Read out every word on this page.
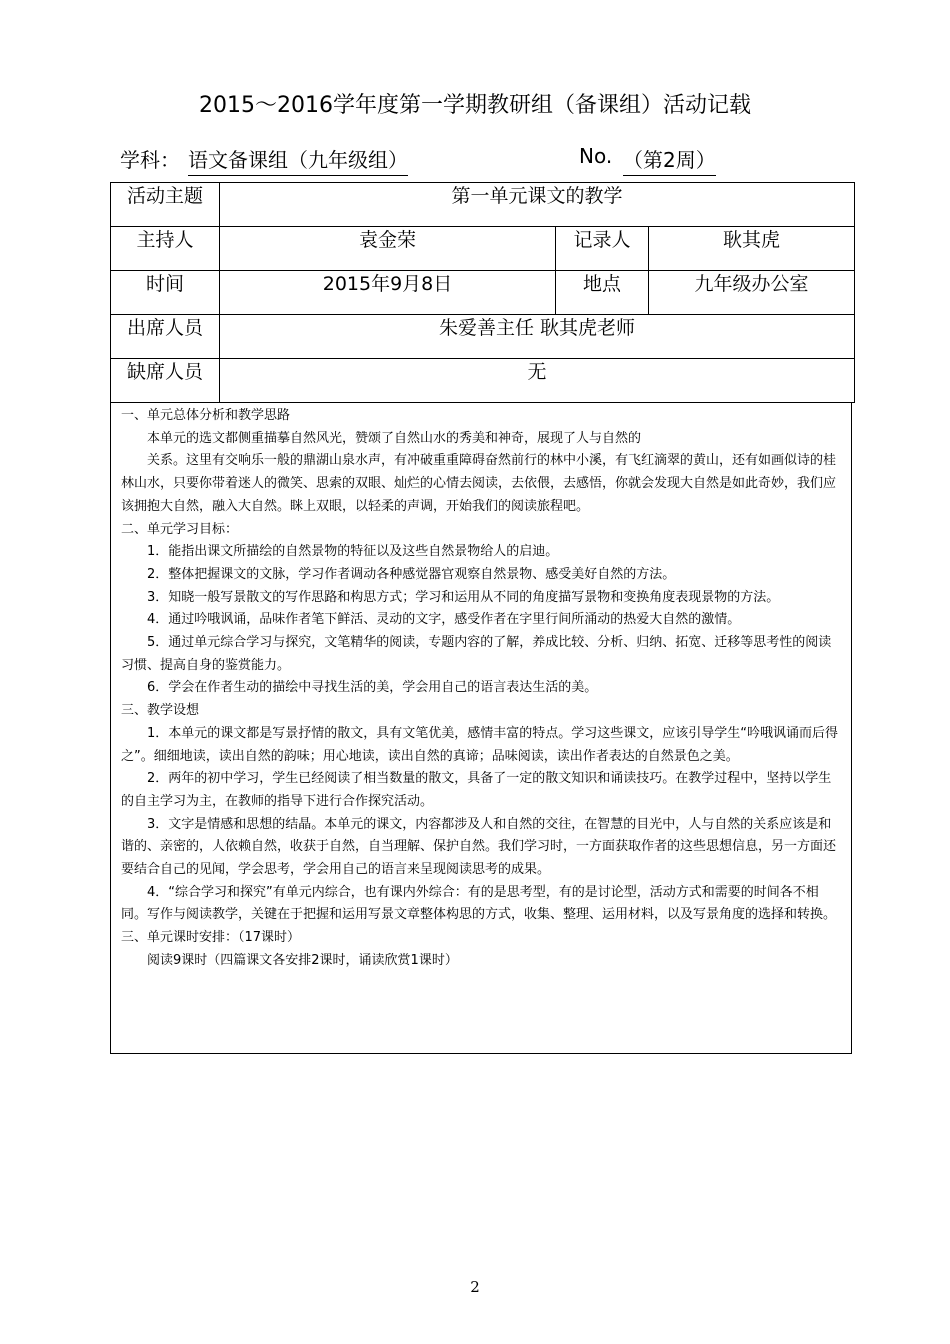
2015～2016学年度第一学期教研组（备课组）活动记载
学科： 语文备课组（九年级组）	No. （第2周）
活动主题	第一单元课文的教学		
主持人	袁金荣	记录人	耿其虎
时间	2015年9月8日	地点	九年级办公室
出席人员	朱爱善主任 耿其虎老师		
缺席人员	无		

一、单元总体分析和教学思路

本单元的选文都侧重描摹自然风光，赞颂了自然山水的秀美和神奇，展现了人与自然的

关系。这里有交响乐一般的鼎湖山泉水声，有冲破重重障碍奋然前行的林中小溪，有飞红滴翠的黄山，还有如画似诗的桂林山水，只要你带着迷人的微笑、思索的双眼、灿烂的心情去阅读，去依偎，去感悟，你就会发现大自然是如此奇妙，我们应该拥抱大自然，融入大自然。眯上双眼，以轻柔的声调，开始我们的阅读旅程吧。

二、单元学习目标：

1．能指出课文所描绘的自然景物的特征以及这些自然景物给人的启迪。

2．整体把握课文的文脉，学习作者调动各种感觉器官观察自然景物、感受美好自然的方法。

3．知晓一般写景散文的写作思路和构思方式；学习和运用从不同的角度描写景物和变换角度表现景物的方法。

4．通过吟哦讽诵，品味作者笔下鲜活、灵动的文字，感受作者在字里行间所涌动的热爱大自然的激情。

5．通过单元综合学习与探究，文笔精华的阅读，专题内容的了解，养成比较、分析、归纳、拓宽、迁移等思考性的阅读习惯、提高自身的鉴赏能力。

6．学会在作者生动的描绘中寻找生活的美，学会用自己的语言表达生活的美。

三、教学设想

1．本单元的课文都是写景抒情的散文，具有文笔优美，感情丰富的特点。学习这些课文，应该引导学生“吟哦讽诵而后得之”。细细地读，读出自然的韵味；用心地读，读出自然的真谛；品味阅读，读出作者表达的自然景色之美。

2．两年的初中学习，学生已经阅读了相当数量的散文，具备了一定的散文知识和诵读技巧。在教学过程中，坚持以学生的自主学习为主，在教师的指导下进行合作探究活动。

3．文字是情感和思想的结晶。本单元的课文，内容都涉及人和自然的交往，在智慧的目光中，人与自然的关系应该是和谐的、亲密的，人依赖自然，收获于自然，自当理解、保护自然。我们学习时，一方面获取作者的这些思想信息，另一方面还要结合自己的见闻，学会思考，学会用自己的语言来呈现阅读思考的成果。

4．“综合学习和探究”有单元内综合，也有课内外综合：有的是思考型，有的是讨论型，活动方式和需要的时间各不相同。写作与阅读教学，关键在于把握和运用写景文章整体构思的方式，收集、整理、运用材料，以及写景角度的选择和转换。

三、单元课时安排：（17课时）

阅读9课时（四篇课文各安排2课时，诵读欣赏1课时）

2
